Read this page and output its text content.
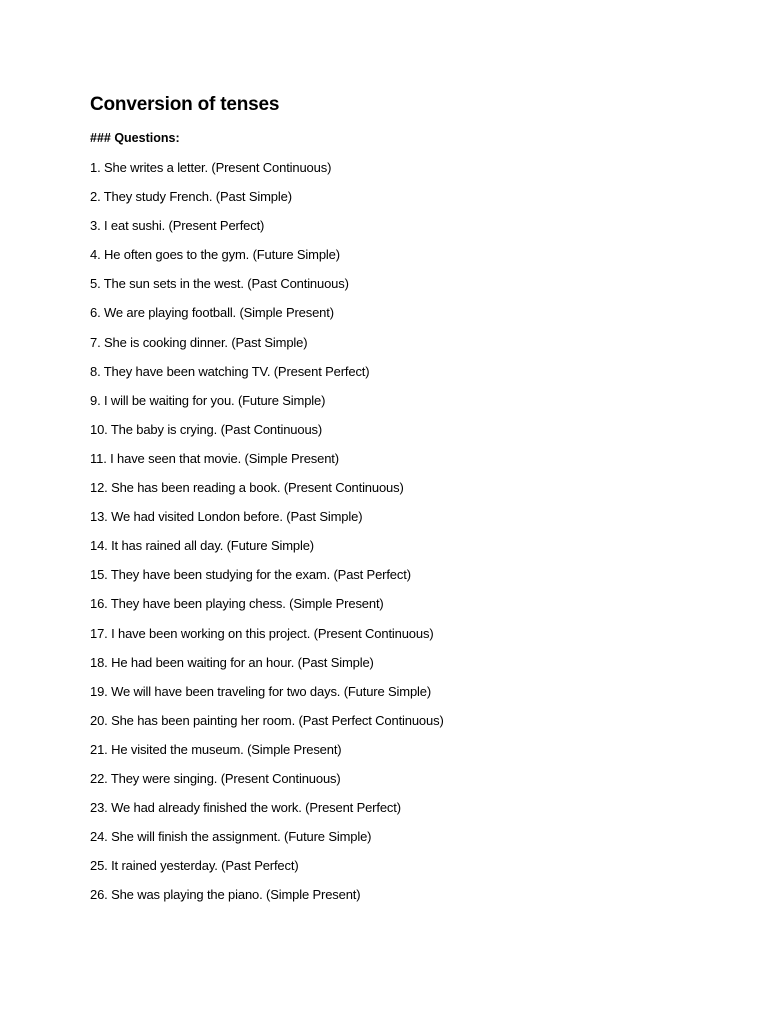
Conversion of tenses
### Questions:
1. She writes a letter. (Present Continuous)
2. They study French. (Past Simple)
3. I eat sushi. (Present Perfect)
4. He often goes to the gym. (Future Simple)
5. The sun sets in the west. (Past Continuous)
6. We are playing football. (Simple Present)
7. She is cooking dinner. (Past Simple)
8. They have been watching TV. (Present Perfect)
9. I will be waiting for you. (Future Simple)
10. The baby is crying. (Past Continuous)
11. I have seen that movie. (Simple Present)
12. She has been reading a book. (Present Continuous)
13. We had visited London before. (Past Simple)
14. It has rained all day. (Future Simple)
15. They have been studying for the exam. (Past Perfect)
16. They have been playing chess. (Simple Present)
17. I have been working on this project. (Present Continuous)
18. He had been waiting for an hour. (Past Simple)
19. We will have been traveling for two days. (Future Simple)
20. She has been painting her room. (Past Perfect Continuous)
21. He visited the museum. (Simple Present)
22. They were singing. (Present Continuous)
23. We had already finished the work. (Present Perfect)
24. She will finish the assignment. (Future Simple)
25. It rained yesterday. (Past Perfect)
26. She was playing the piano. (Simple Present)
